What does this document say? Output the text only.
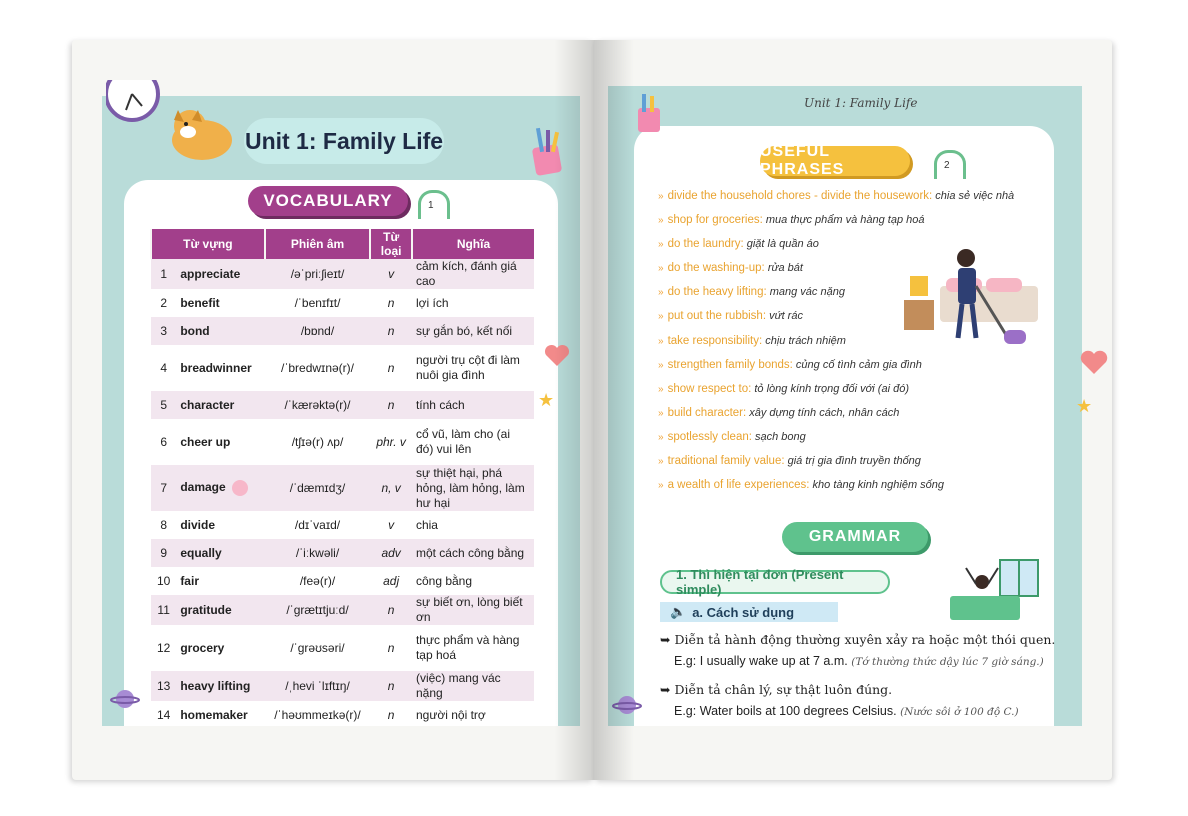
Unit 1: Family Life
VOCABULARY	1
Từ vựng		Phiên âm	Từ loại	Nghĩa
1	appreciate	/əˈpriːʃieɪt/	v	cảm kích, đánh giá cao
2	benefit	/ˈbenɪfɪt/	n	lợi ích
3	bond	/bɒnd/	n	sự gắn bó, kết nối
4	breadwinner	/ˈbredwɪnə(r)/	n	người trụ cột đi làm nuôi gia đình
5	character	/ˈkærəktə(r)/	n	tính cách
6	cheer up	/tʃɪə(r) ʌp/	phr. v	cổ vũ, làm cho (ai đó) vui lên
7	damage	/ˈdæmɪdʒ/	n, v	sự thiệt hại, phá hỏng, làm hỏng, làm hư hại
8	divide	/dɪˈvaɪd/	v	chia
9	equally	/ˈiːkwəli/	adv	một cách công bằng
10	fair	/feə(r)/	adj	công bằng
11	gratitude	/ˈɡrætɪtjuːd/	n	sự biết ơn, lòng biết ơn
12	grocery	/ˈɡrəʊsəri/	n	thực phẩm và hàng tạp hoá
13	heavy lifting	/ˌhevi ˈlɪftɪŋ/	n	(việc) mang vác nặng
14	homemaker	/ˈhəʊmmeɪkə(r)/	n	người nội trợ
★
Unit 1: Family Life
USEFUL PHRASES	2
» divide the household chores - divide the housework: chia sẻ việc nhà
» shop for groceries: mua thực phẩm và hàng tạp hoá
» do the laundry: giặt là quần áo
» do the washing-up: rửa bát
» do the heavy lifting: mang vác nặng
» put out the rubbish: vứt rác
» take responsibility: chịu trách nhiệm
» strengthen family bonds: củng cố tình cảm gia đình
» show respect to: tỏ lòng kính trọng đối với (ai đó)
» build character: xây dựng tính cách, nhân cách
» spotlessly clean: sạch bong
» traditional family value: giá trị gia đình truyền thống
» a wealth of life experiences: kho tàng kinh nghiệm sống
GRAMMAR
1. Thì hiện tại đơn (Present simple)
🔈 a. Cách sử dụng
➥ Diễn tả hành động thường xuyên xảy ra hoặc một thói quen.
E.g: I usually wake up at 7 a.m. (Tớ thường thức dậy lúc 7 giờ sáng.)
➥ Diễn tả chân lý, sự thật luôn đúng.
E.g: Water boils at 100 degrees Celsius. (Nước sôi ở 100 độ C.)
★
